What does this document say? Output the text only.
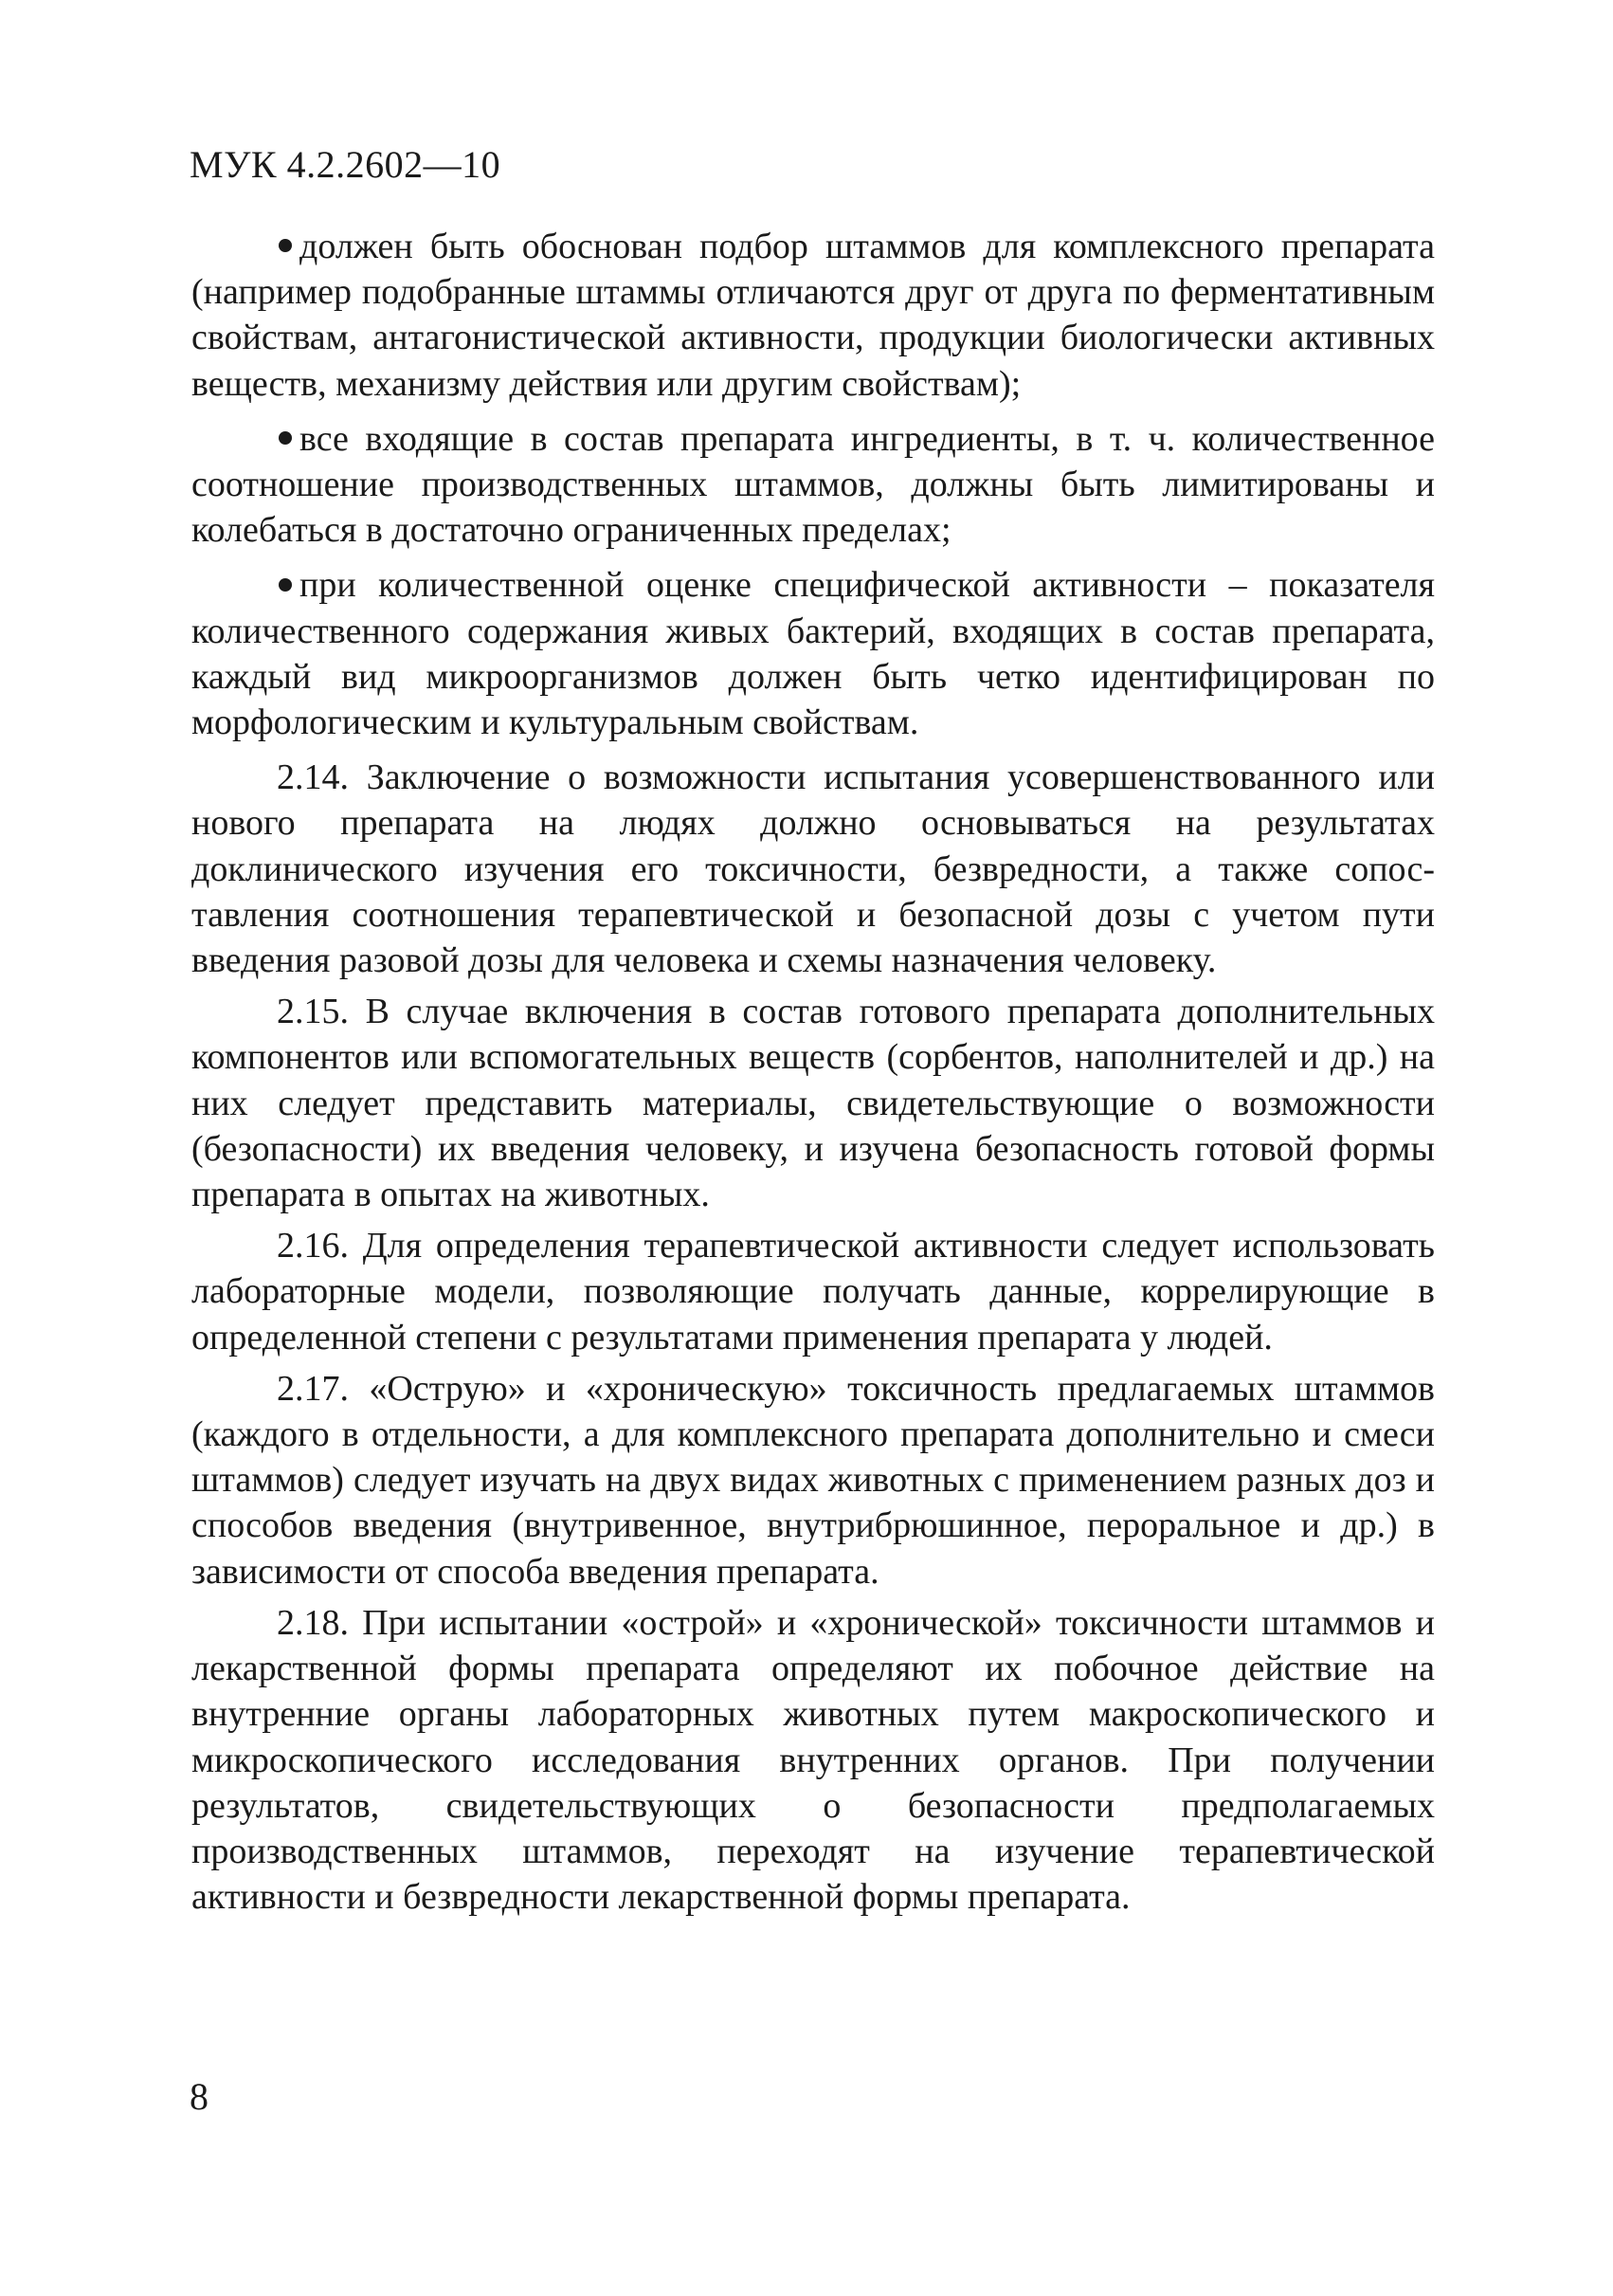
МУК 4.2.2602—10

должен быть обоснован подбор штаммов для комплексного препарата (например подобранные штаммы отличаются друг от друга по ферментативным свойствам, антагонистической активности, продукции биологически активных веществ, механизму действия или другим свойствам);

все входящие в состав препарата ингредиенты, в т. ч. количественное соотношение производственных штаммов, должны быть лимитированы и колебаться в достаточно ограниченных пределах;

при количественной оценке специфической активности – показателя количественного содержания живых бактерий, входящих в состав препарата, каждый вид микроорганизмов должен быть четко идентифицирован по морфологическим и культуральным свойствам.

2.14. Заключение о возможности испытания усовершенствованного или нового препарата на людях должно основываться на результатах доклинического изучения его токсичности, безвредности, а также сопоставления соотношения терапевтической и безопасной дозы с учетом пути введения разовой дозы для человека и схемы назначения человеку.

2.15. В случае включения в состав готового препарата дополнительных компонентов или вспомогательных веществ (сорбентов, наполнителей и др.) на них следует представить материалы, свидетельствующие о возможности (безопасности) их введения человеку, и изучена безопасность готовой формы препарата в опытах на животных.

2.16. Для определения терапевтической активности следует использовать лабораторные модели, позволяющие получать данные, коррелирующие в определенной степени с результатами применения препарата у людей.

2.17. «Острую» и «хроническую» токсичность предлагаемых штаммов (каждого в отдельности, а для комплексного препарата дополнительно и смеси штаммов) следует изучать на двух видах животных с применением разных доз и способов введения (внутривенное, внутрибрюшинное, пероральное и др.) в зависимости от способа введения препарата.

2.18. При испытании «острой» и «хронической» токсичности штаммов и лекарственной формы препарата определяют их побочное действие на внутренние органы лабораторных животных путем макроскопического и микроскопического исследования внутренних органов. При получении результатов, свидетельствующих о безопасности предполагаемых производственных штаммов, переходят на изучение терапевтической активности и безвредности лекарственной формы препарата.

8
